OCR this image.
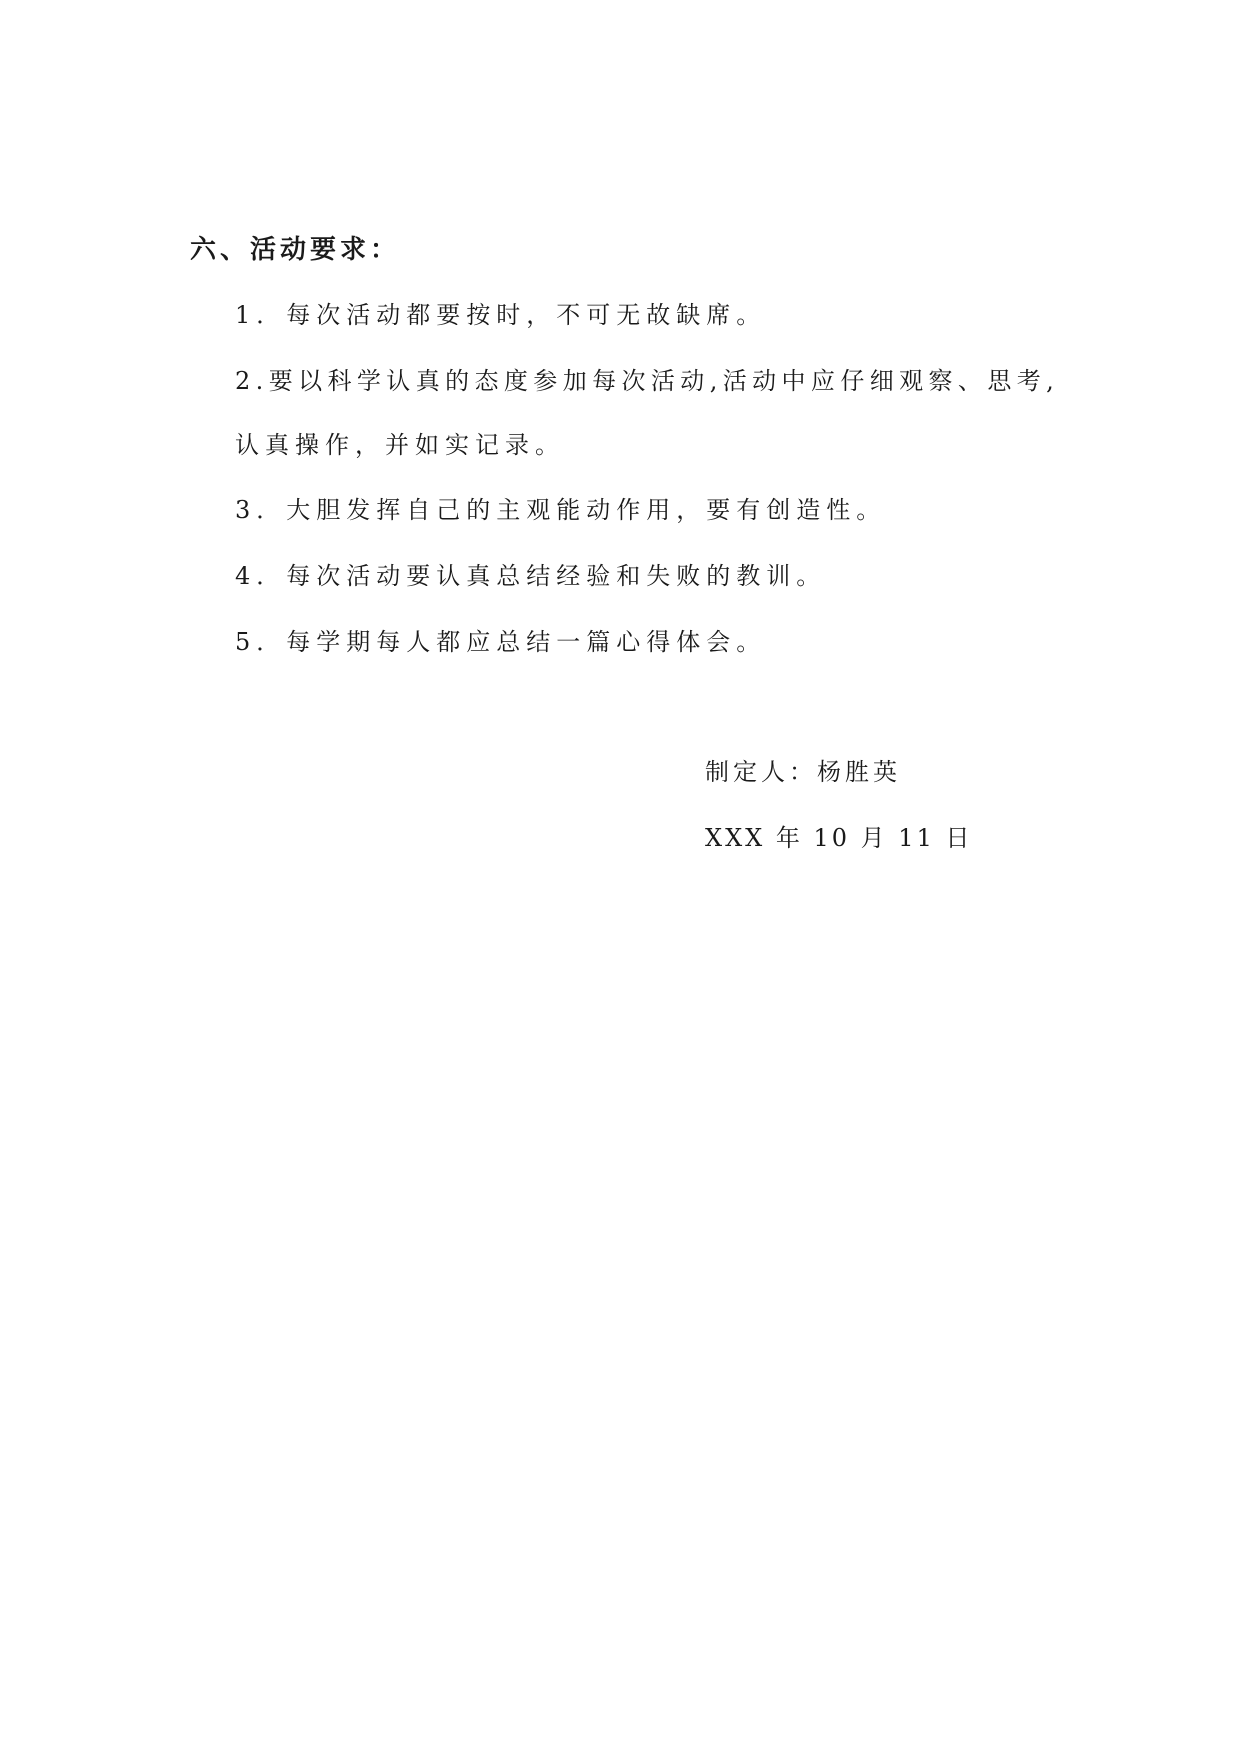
六、活动要求：
1．每次活动都要按时，不可无故缺席。
2.要以科学认真的态度参加每次活动,活动中应仔细观察、思考,
认真操作，并如实记录。
3．大胆发挥自己的主观能动作用，要有创造性。
4．每次活动要认真总结经验和失败的教训。
5．每学期每人都应总结一篇心得体会。
制定人：杨胜英
XXX 年 10 月 11 日
